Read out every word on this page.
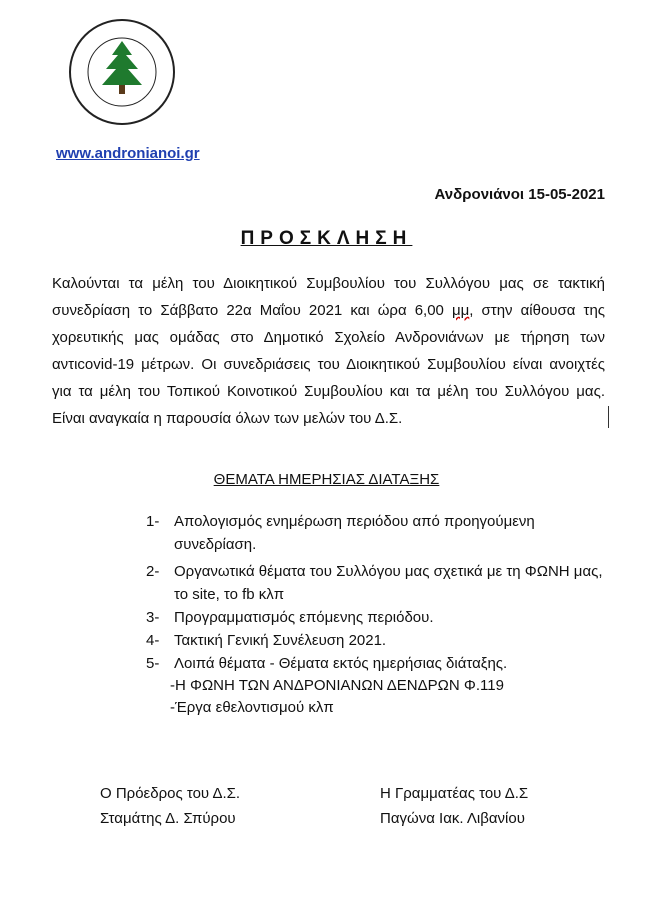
www.andronianoi.gr
Ανδρονιάνοι 15-05-2021
ΠΡΟΣΚΛΗΣΗ
Καλούνται τα μέλη του Διοικητικού Συμβουλίου του Συλλόγου μας σε τακτική συνεδρίαση το Σάββατο 22α Μαΐου 2021 και ώρα 6,00 μμ, στην αίθουσα της χορευτικής μας ομάδας στο Δημοτικό Σχολείο Ανδρονιάνων με τήρηση των αντιcovid-19 μέτρων. Οι συνεδριάσεις του Διοικητικού Συμβουλίου είναι ανοιχτές για τα μέλη του Τοπικού Κοινοτικού Συμβουλίου και τα μέλη του Συλλόγου μας. Είναι αναγκαία η παρουσία όλων των μελών του Δ.Σ.
ΘΕΜΑΤΑ ΗΜΕΡΗΣΙΑΣ ΔΙΑΤΑΞΗΣ
1- Απολογισμός ενημέρωση περιόδου από προηγούμενη συνεδρίαση.
2- Οργανωτικά θέματα του Συλλόγου μας σχετικά με τη ΦΩΝΗ μας, το site, το fb κλπ
3- Προγραμματισμός επόμενης περιόδου.
4- Τακτική Γενική Συνέλευση 2021.
5- Λοιπά θέματα - Θέματα εκτός ημερήσιας διάταξης.
-Η ΦΩΝΗ ΤΩΝ ΑΝΔΡΟΝΙΑΝΩΝ ΔΕΝΔΡΩΝ Φ.119
-Έργα εθελοντισμού κλπ
Ο Πρόεδρος του Δ.Σ.
Σταμάτης Δ. Σπύρου
Η Γραμματέας του Δ.Σ
Παγώνα Ιακ. Λιβανίου
